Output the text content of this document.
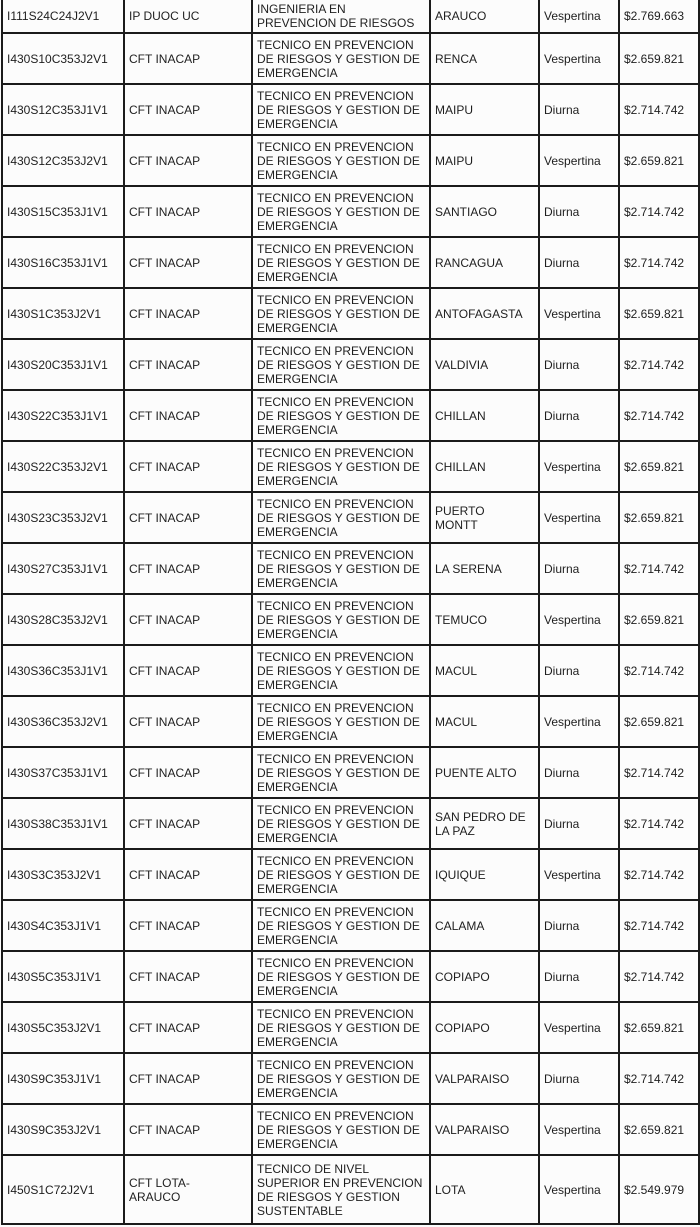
I111S24C24J2V1	IP DUOC UC	INGENIERIA EN PREVENCION DE RIESGOS	ARAUCO	Vespertina	$2.769.663
I430S10C353J2V1	CFT INACAP	TECNICO EN PREVENCION DE RIESGOS Y GESTION DE EMERGENCIA	RENCA	Vespertina	$2.659.821
I430S12C353J1V1	CFT INACAP	TECNICO EN PREVENCION DE RIESGOS Y GESTION DE EMERGENCIA	MAIPU	Diurna	$2.714.742
I430S12C353J2V1	CFT INACAP	TECNICO EN PREVENCION DE RIESGOS Y GESTION DE EMERGENCIA	MAIPU	Vespertina	$2.659.821
I430S15C353J1V1	CFT INACAP	TECNICO EN PREVENCION DE RIESGOS Y GESTION DE EMERGENCIA	SANTIAGO	Diurna	$2.714.742
I430S16C353J1V1	CFT INACAP	TECNICO EN PREVENCION DE RIESGOS Y GESTION DE EMERGENCIA	RANCAGUA	Diurna	$2.714.742
I430S1C353J2V1	CFT INACAP	TECNICO EN PREVENCION DE RIESGOS Y GESTION DE EMERGENCIA	ANTOFAGASTA	Vespertina	$2.659.821
I430S20C353J1V1	CFT INACAP	TECNICO EN PREVENCION DE RIESGOS Y GESTION DE EMERGENCIA	VALDIVIA	Diurna	$2.714.742
I430S22C353J1V1	CFT INACAP	TECNICO EN PREVENCION DE RIESGOS Y GESTION DE EMERGENCIA	CHILLAN	Diurna	$2.714.742
I430S22C353J2V1	CFT INACAP	TECNICO EN PREVENCION DE RIESGOS Y GESTION DE EMERGENCIA	CHILLAN	Vespertina	$2.659.821
I430S23C353J2V1	CFT INACAP	TECNICO EN PREVENCION DE RIESGOS Y GESTION DE EMERGENCIA	PUERTO MONTT	Vespertina	$2.659.821
I430S27C353J1V1	CFT INACAP	TECNICO EN PREVENCION DE RIESGOS Y GESTION DE EMERGENCIA	LA SERENA	Diurna	$2.714.742
I430S28C353J2V1	CFT INACAP	TECNICO EN PREVENCION DE RIESGOS Y GESTION DE EMERGENCIA	TEMUCO	Vespertina	$2.659.821
I430S36C353J1V1	CFT INACAP	TECNICO EN PREVENCION DE RIESGOS Y GESTION DE EMERGENCIA	MACUL	Diurna	$2.714.742
I430S36C353J2V1	CFT INACAP	TECNICO EN PREVENCION DE RIESGOS Y GESTION DE EMERGENCIA	MACUL	Vespertina	$2.659.821
I430S37C353J1V1	CFT INACAP	TECNICO EN PREVENCION DE RIESGOS Y GESTION DE EMERGENCIA	PUENTE ALTO	Diurna	$2.714.742
I430S38C353J1V1	CFT INACAP	TECNICO EN PREVENCION DE RIESGOS Y GESTION DE EMERGENCIA	SAN PEDRO DE LA PAZ	Diurna	$2.714.742
I430S3C353J2V1	CFT INACAP	TECNICO EN PREVENCION DE RIESGOS Y GESTION DE EMERGENCIA	IQUIQUE	Vespertina	$2.714.742
I430S4C353J1V1	CFT INACAP	TECNICO EN PREVENCION DE RIESGOS Y GESTION DE EMERGENCIA	CALAMA	Diurna	$2.714.742
I430S5C353J1V1	CFT INACAP	TECNICO EN PREVENCION DE RIESGOS Y GESTION DE EMERGENCIA	COPIAPO	Diurna	$2.714.742
I430S5C353J2V1	CFT INACAP	TECNICO EN PREVENCION DE RIESGOS Y GESTION DE EMERGENCIA	COPIAPO	Vespertina	$2.659.821
I430S9C353J1V1	CFT INACAP	TECNICO EN PREVENCION DE RIESGOS Y GESTION DE EMERGENCIA	VALPARAISO	Diurna	$2.714.742
I430S9C353J2V1	CFT INACAP	TECNICO EN PREVENCION DE RIESGOS Y GESTION DE EMERGENCIA	VALPARAISO	Vespertina	$2.659.821
I450S1C72J2V1	CFT LOTA-ARAUCO	TECNICO DE NIVEL SUPERIOR EN PREVENCION DE RIESGOS Y GESTION SUSTENTABLE	LOTA	Vespertina	$2.549.979
